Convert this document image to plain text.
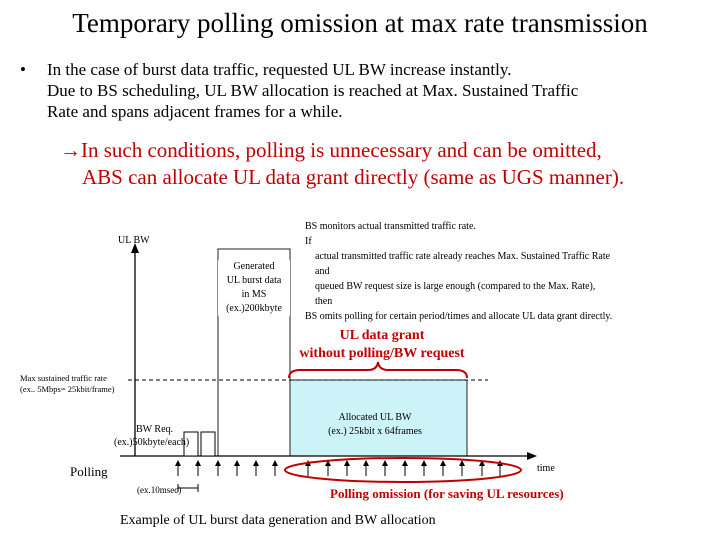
Temporary polling omission at max rate transmission
• In the case of burst data traffic, requested UL BW increase instantly.
Due to BS scheduling, UL BW allocation is reached at Max. Sustained Traffic
Rate and spans adjacent frames for a while.
→In such conditions, polling is unnecessary and can be omitted,
ABS can allocate UL data grant directly (same as UGS manner).
BS monitors actual transmitted traffic rate.
If
actual transmitted traffic rate already reaches Max. Sustained Traffic Rate
and
queued BW request size is large enough (compared to the Max. Rate),
then
BS omits polling for certain period/times and allocate UL data grant directly.
UL data grant
without polling/BW request
UL BW
Max sustained traffic rate
(ex.. 5Mbps= 25kbit/frame)
Generated
UL burst data
in MS
(ex.)200kbyte
BW Req.
(ex.)50kbyte/each)
Allocated UL BW
(ex.) 25kbit x 64frames
time
Polling
(ex.10msec)	Polling omission (for saving UL resources)
Example of UL burst data generation and BW allocation
